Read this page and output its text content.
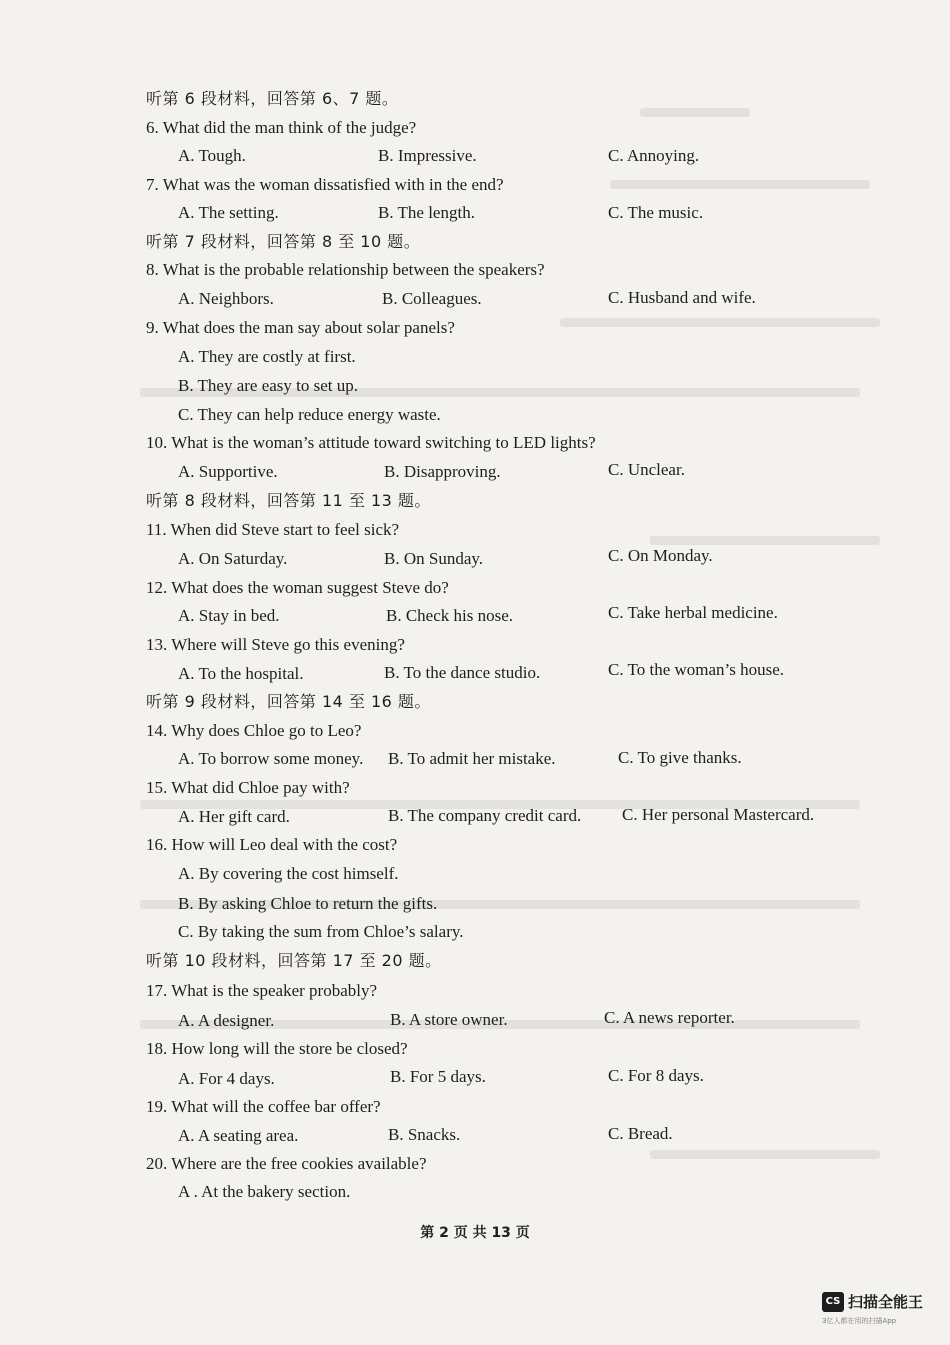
听第 6 段材料，回答第 6、7 题。
6. What did the man think of the judge?
A. Tough.	B. Impressive.	C. Annoying.
7. What was the woman dissatisfied with in the end?
A. The setting.	B. The length.	C. The music.
听第 7 段材料，回答第 8 至 10 题。
8. What is the probable relationship between the speakers?
A. Neighbors.	B. Colleagues.	C. Husband and wife.
9. What does the man say about solar panels?
A. They are costly at first.
B. They are easy to set up.
C. They can help reduce energy waste.
10. What is the woman’s attitude toward switching to LED lights?
A. Supportive.	B. Disapproving.	C. Unclear.
听第 8 段材料，回答第 11 至 13 题。
11. When did Steve start to feel sick?
A. On Saturday.	B. On Sunday.	C. On Monday.
12. What does the woman suggest Steve do?
A. Stay in bed.	B. Check his nose.	C. Take herbal medicine.
13. Where will Steve go this evening?
A. To the hospital.	B. To the dance studio.	C. To the woman’s house.
听第 9 段材料，回答第 14 至 16 题。
14. Why does Chloe go to Leo?
A. To borrow some money. B. To admit her mistake.	C. To give thanks.
15. What did Chloe pay with?
A. Her gift card.	B. The company credit card. C. Her personal Mastercard.
16. How will Leo deal with the cost?
A. By covering the cost himself.
B. By asking Chloe to return the gifts.
C. By taking the sum from Chloe’s salary.
听第 10 段材料，回答第 17 至 20 题。
17. What is the speaker probably?
A. A designer.	B. A store owner.	C. A news reporter.
18. How long will the store be closed?
A. For 4 days.	B. For 5 days.	C. For 8 days.
19. What will the coffee bar offer?
A. A seating area.	B. Snacks.	C. Bread.
20. Where are the free cookies available?
A . At the bakery section.
第 2 页 共 13 页
CS 扫描全能王
3亿人都在用的扫描App
